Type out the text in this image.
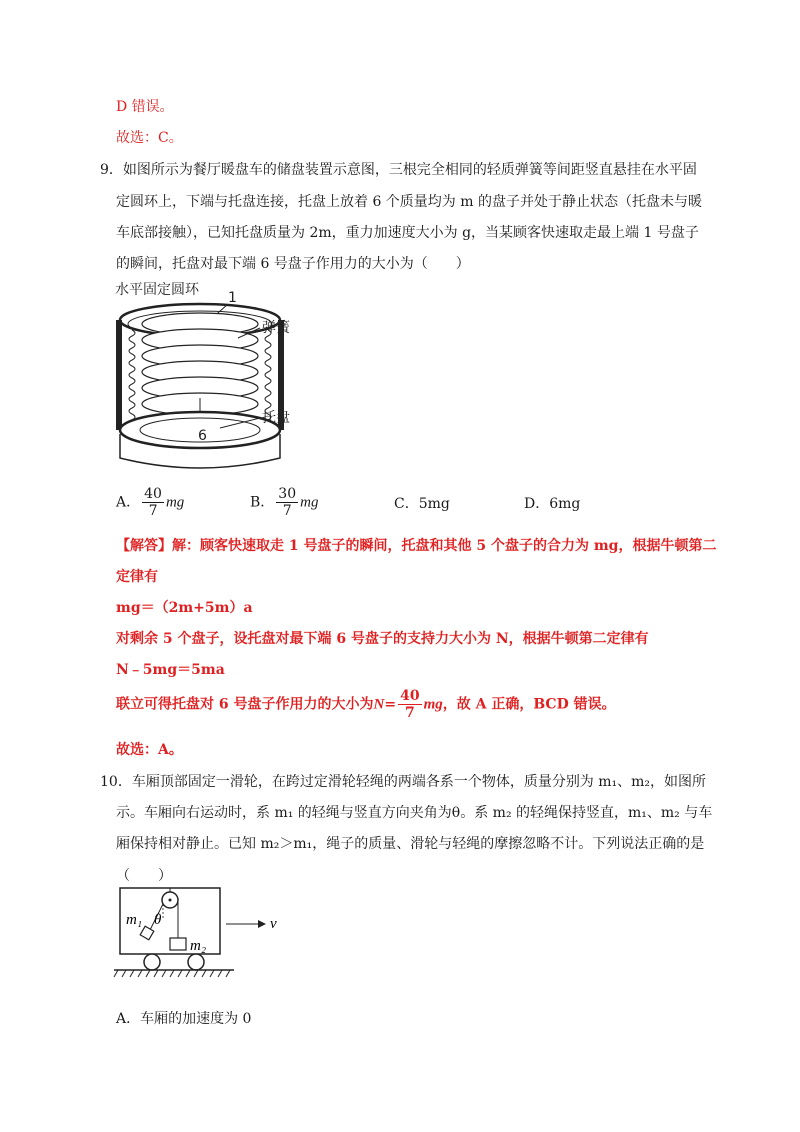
D 错误。
故选：C。
9．如图所示为餐厅暖盘车的储盘装置示意图，三根完全相同的轻质弹簧等间距竖直悬挂在水平固
定圆环上，下端与托盘连接，托盘上放着 6 个质量均为 m 的盘子并处于静止状态（托盘未与暖
车底部接触），已知托盘质量为 2m，重力加速度大小为 g，当某顾客快速取走最上端 1 号盘子
的瞬间，托盘对最下端 6 号盘子作用力的大小为（　　）
水平固定圆环 1
6
弹簧
托盘
A． $\frac{40}{7}$ mg	B． $\frac{30}{7}$ mg	C．5mg	D．6mg
【解答】解：顾客快速取走 1 号盘子的瞬间，托盘和其他 5 个盘子的合力为 mg，根据牛顿第二
定律有
mg＝（2m+5m）a
对剩余 5 个盘子，设托盘对最下端 6 号盘子的支持力大小为 N，根据牛顿第二定律有
N﹣5mg＝5ma
联立可得托盘对 6 号盘子作用力的大小为$N= \frac{40}{7}$ mg，故 A 正确，BCD 错误。
故选：A。
10．车厢顶部固定一滑轮，在跨过定滑轮轻绳的两端各系一个物体，质量分别为 m₁、m₂，如图所
示。车厢向右运动时，系 m₁ 的轻绳与竖直方向夹角为θ。系 m₂ 的轻绳保持竖直，m₁、m₂ 与车
厢保持相对静止。已知 m₂＞m₁，绳子的质量、滑轮与轻绳的摩擦忽略不计。下列说法正确的是
（　　）
m₁ θ
m₂
v
A．车厢的加速度为 0
